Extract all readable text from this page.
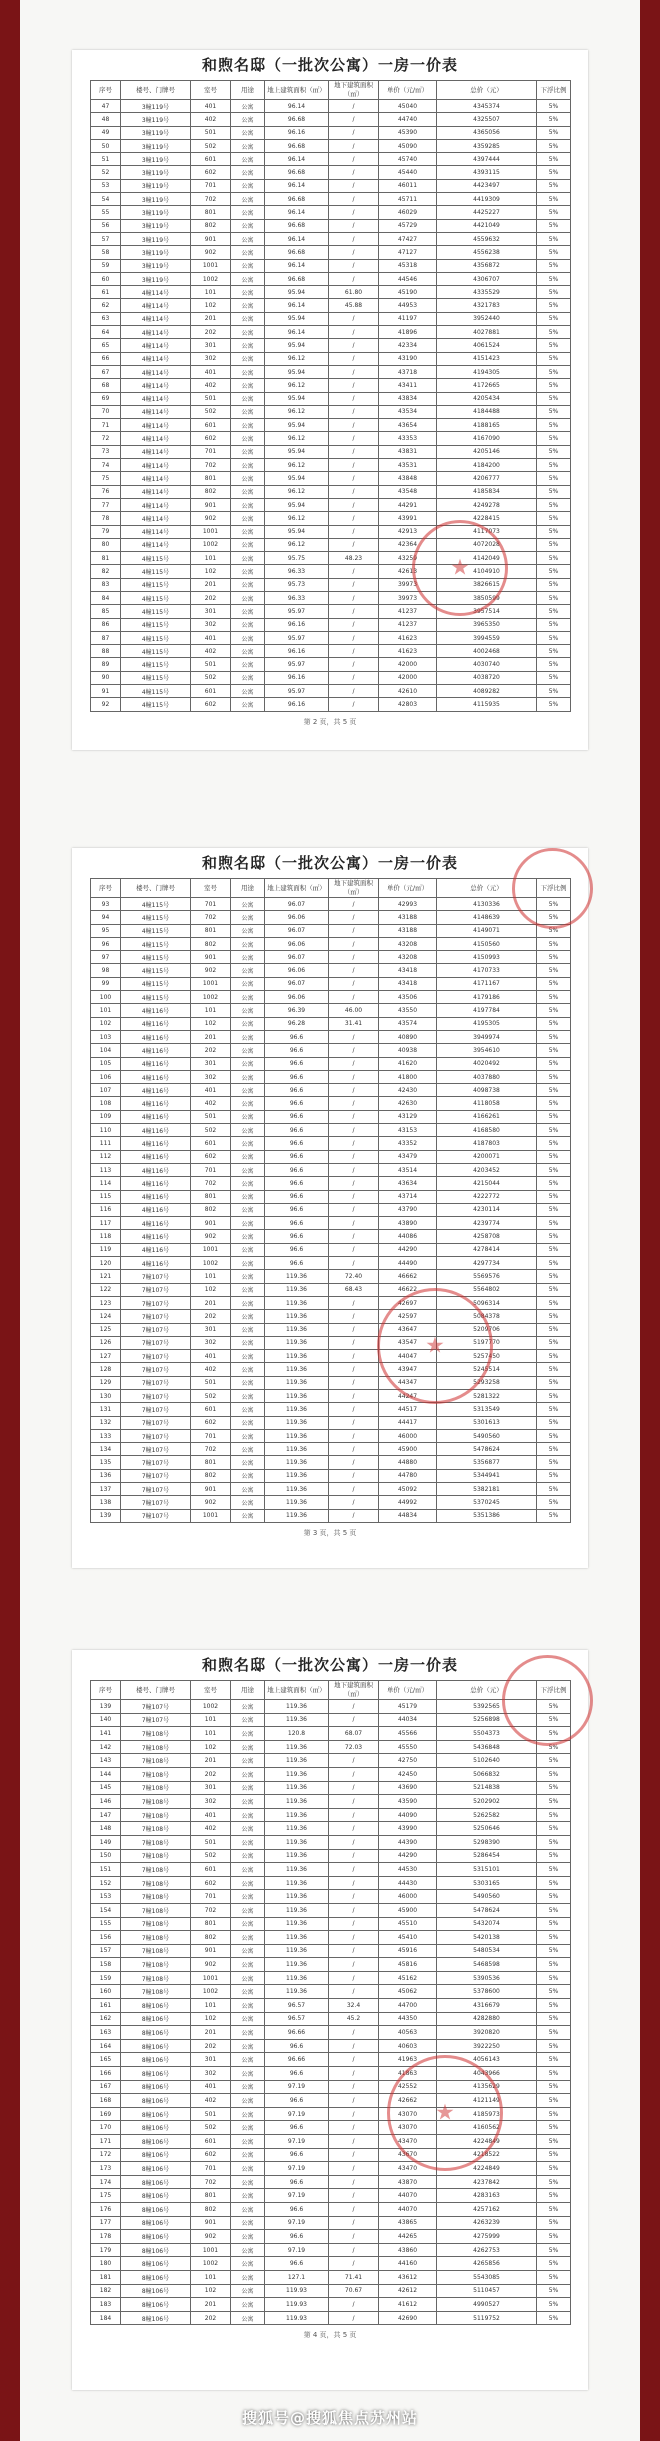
和煦名邸（一批次公寓）一房一价表
序号	楼号、门牌号	室号	用途	地上建筑面积（㎡）	地下建筑面积（㎡）	单价（元/㎡）	总价（元）	下浮比例
47	3幢119号	401	公寓	96.14	/	45040	4345374	5%
48	3幢119号	402	公寓	96.68	/	44740	4325507	5%
49	3幢119号	501	公寓	96.16	/	45390	4365056	5%
50	3幢119号	502	公寓	96.68	/	45090	4359285	5%
51	3幢119号	601	公寓	96.14	/	45740	4397444	5%
52	3幢119号	602	公寓	96.68	/	45440	4393115	5%
53	3幢119号	701	公寓	96.14	/	46011	4423497	5%
54	3幢119号	702	公寓	96.68	/	45711	4419309	5%
55	3幢119号	801	公寓	96.14	/	46029	4425227	5%
56	3幢119号	802	公寓	96.68	/	45729	4421049	5%
57	3幢119号	901	公寓	96.14	/	47427	4559632	5%
58	3幢119号	902	公寓	96.68	/	47127	4556238	5%
59	3幢119号	1001	公寓	96.14	/	45318	4356872	5%
60	3幢119号	1002	公寓	96.68	/	44546	4306707	5%
61	4幢114号	101	公寓	95.94	61.80	45190	4335529	5%
62	4幢114号	102	公寓	96.14	45.88	44953	4321783	5%
63	4幢114号	201	公寓	95.94	/	41197	3952440	5%
64	4幢114号	202	公寓	96.14	/	41896	4027881	5%
65	4幢114号	301	公寓	95.94	/	42334	4061524	5%
66	4幢114号	302	公寓	96.12	/	43190	4151423	5%
67	4幢114号	401	公寓	95.94	/	43718	4194305	5%
68	4幢114号	402	公寓	96.12	/	43411	4172665	5%
69	4幢114号	501	公寓	95.94	/	43834	4205434	5%
70	4幢114号	502	公寓	96.12	/	43534	4184488	5%
71	4幢114号	601	公寓	95.94	/	43654	4188165	5%
72	4幢114号	602	公寓	96.12	/	43353	4167090	5%
73	4幢114号	701	公寓	95.94	/	43831	4205146	5%
74	4幢114号	702	公寓	96.12	/	43531	4184200	5%
75	4幢114号	801	公寓	95.94	/	43848	4206777	5%
76	4幢114号	802	公寓	96.12	/	43548	4185834	5%
77	4幢114号	901	公寓	95.94	/	44291	4249278	5%
78	4幢114号	902	公寓	96.12	/	43991	4228415	5%
79	4幢114号	1001	公寓	95.94	/	42913	4117073	5%
80	4幢114号	1002	公寓	96.12	/	42364	4072028	5%
81	4幢115号	101	公寓	95.75	48.23	43259	4142049	5%
82	4幢115号	102	公寓	96.33	/	42613	4104910	5%
83	4幢115号	201	公寓	95.73	/	39973	3826615	5%
84	4幢115号	202	公寓	96.33	/	39973	3850599	5%
85	4幢115号	301	公寓	95.97	/	41237	3957514	5%
86	4幢115号	302	公寓	96.16	/	41237	3965350	5%
87	4幢115号	401	公寓	95.97	/	41623	3994559	5%
88	4幢115号	402	公寓	96.16	/	41623	4002468	5%
89	4幢115号	501	公寓	95.97	/	42000	4030740	5%
90	4幢115号	502	公寓	96.16	/	42000	4038720	5%
91	4幢115号	601	公寓	95.97	/	42610	4089282	5%
92	4幢115号	602	公寓	96.16	/	42803	4115935	5%
第 2 页，共 5 页
★
和煦名邸（一批次公寓）一房一价表
序号	楼号、门牌号	室号	用途	地上建筑面积（㎡）	地下建筑面积（㎡）	单价（元/㎡）	总价（元）	下浮比例
93	4幢115号	701	公寓	96.07	/	42993	4130336	5%
94	4幢115号	702	公寓	96.06	/	43188	4148639	5%
95	4幢115号	801	公寓	96.07	/	43188	4149071	5%
96	4幢115号	802	公寓	96.06	/	43208	4150560	5%
97	4幢115号	901	公寓	96.07	/	43208	4150993	5%
98	4幢115号	902	公寓	96.06	/	43418	4170733	5%
99	4幢115号	1001	公寓	96.07	/	43418	4171167	5%
100	4幢115号	1002	公寓	96.06	/	43506	4179186	5%
101	4幢116号	101	公寓	96.39	46.00	43550	4197784	5%
102	4幢116号	102	公寓	96.28	31.41	43574	4195305	5%
103	4幢116号	201	公寓	96.6	/	40890	3949974	5%
104	4幢116号	202	公寓	96.6	/	40938	3954610	5%
105	4幢116号	301	公寓	96.6	/	41620	4020492	5%
106	4幢116号	302	公寓	96.6	/	41800	4037880	5%
107	4幢116号	401	公寓	96.6	/	42430	4098738	5%
108	4幢116号	402	公寓	96.6	/	42630	4118058	5%
109	4幢116号	501	公寓	96.6	/	43129	4166261	5%
110	4幢116号	502	公寓	96.6	/	43153	4168580	5%
111	4幢116号	601	公寓	96.6	/	43352	4187803	5%
112	4幢116号	602	公寓	96.6	/	43479	4200071	5%
113	4幢116号	701	公寓	96.6	/	43514	4203452	5%
114	4幢116号	702	公寓	96.6	/	43634	4215044	5%
115	4幢116号	801	公寓	96.6	/	43714	4222772	5%
116	4幢116号	802	公寓	96.6	/	43790	4230114	5%
117	4幢116号	901	公寓	96.6	/	43890	4239774	5%
118	4幢116号	902	公寓	96.6	/	44086	4258708	5%
119	4幢116号	1001	公寓	96.6	/	44290	4278414	5%
120	4幢116号	1002	公寓	96.6	/	44490	4297734	5%
121	7幢107号	101	公寓	119.36	72.40	46662	5569576	5%
122	7幢107号	102	公寓	119.36	68.43	46622	5564802	5%
123	7幢107号	201	公寓	119.36	/	42697	5096314	5%
124	7幢107号	202	公寓	119.36	/	42597	5084378	5%
125	7幢107号	301	公寓	119.36	/	43647	5209706	5%
126	7幢107号	302	公寓	119.36	/	43547	5197770	5%
127	7幢107号	401	公寓	119.36	/	44047	5257450	5%
128	7幢107号	402	公寓	119.36	/	43947	5245514	5%
129	7幢107号	501	公寓	119.36	/	44347	5293258	5%
130	7幢107号	502	公寓	119.36	/	44247	5281322	5%
131	7幢107号	601	公寓	119.36	/	44517	5313549	5%
132	7幢107号	602	公寓	119.36	/	44417	5301613	5%
133	7幢107号	701	公寓	119.36	/	46000	5490560	5%
134	7幢107号	702	公寓	119.36	/	45900	5478624	5%
135	7幢107号	801	公寓	119.36	/	44880	5356877	5%
136	7幢107号	802	公寓	119.36	/	44780	5344941	5%
137	7幢107号	901	公寓	119.36	/	45092	5382181	5%
138	7幢107号	902	公寓	119.36	/	44992	5370245	5%
139	7幢107号	1001	公寓	119.36	/	44834	5351386	5%
第 3 页，共 5 页
★
和煦名邸（一批次公寓）一房一价表
序号	楼号、门牌号	室号	用途	地上建筑面积（㎡）	地下建筑面积（㎡）	单价（元/㎡）	总价（元）	下浮比例
139	7幢107号	1002	公寓	119.36	/	45179	5392565	5%
140	7幢107号	101	公寓	119.36	/	44034	5256898	5%
141	7幢108号	101	公寓	120.8	68.07	45566	5504373	5%
142	7幢108号	102	公寓	119.36	72.03	45550	5436848	5%
143	7幢108号	201	公寓	119.36	/	42750	5102640	5%
144	7幢108号	202	公寓	119.36	/	42450	5066832	5%
145	7幢108号	301	公寓	119.36	/	43690	5214838	5%
146	7幢108号	302	公寓	119.36	/	43590	5202902	5%
147	7幢108号	401	公寓	119.36	/	44090	5262582	5%
148	7幢108号	402	公寓	119.36	/	43990	5250646	5%
149	7幢108号	501	公寓	119.36	/	44390	5298390	5%
150	7幢108号	502	公寓	119.36	/	44290	5286454	5%
151	7幢108号	601	公寓	119.36	/	44530	5315101	5%
152	7幢108号	602	公寓	119.36	/	44430	5303165	5%
153	7幢108号	701	公寓	119.36	/	46000	5490560	5%
154	7幢108号	702	公寓	119.36	/	45900	5478624	5%
155	7幢108号	801	公寓	119.36	/	45510	5432074	5%
156	7幢108号	802	公寓	119.36	/	45410	5420138	5%
157	7幢108号	901	公寓	119.36	/	45916	5480534	5%
158	7幢108号	902	公寓	119.36	/	45816	5468598	5%
159	7幢108号	1001	公寓	119.36	/	45162	5390536	5%
160	7幢108号	1002	公寓	119.36	/	45062	5378600	5%
161	8幢106号	101	公寓	96.57	32.4	44700	4316679	5%
162	8幢106号	102	公寓	96.57	45.2	44350	4282880	5%
163	8幢106号	201	公寓	96.66	/	40563	3920820	5%
164	8幢106号	202	公寓	96.6	/	40603	3922250	5%
165	8幢106号	301	公寓	96.66	/	41963	4056143	5%
166	8幢106号	302	公寓	96.6	/	41863	4043966	5%
167	8幢106号	401	公寓	97.19	/	42552	4135629	5%
168	8幢106号	402	公寓	96.6	/	42662	4121149	5%
169	8幢106号	501	公寓	97.19	/	43070	4185973	5%
170	8幢106号	502	公寓	96.6	/	43070	4160562	5%
171	8幢106号	601	公寓	97.19	/	43470	4224849	5%
172	8幢106号	602	公寓	96.6	/	43670	4218522	5%
173	8幢106号	701	公寓	97.19	/	43470	4224849	5%
174	8幢106号	702	公寓	96.6	/	43870	4237842	5%
175	8幢106号	801	公寓	97.19	/	44070	4283163	5%
176	8幢106号	802	公寓	96.6	/	44070	4257162	5%
177	8幢106号	901	公寓	97.19	/	43865	4263239	5%
178	8幢106号	902	公寓	96.6	/	44265	4275999	5%
179	8幢106号	1001	公寓	97.19	/	43860	4262753	5%
180	8幢106号	1002	公寓	96.6	/	44160	4265856	5%
181	8幢106号	101	公寓	127.1	71.41	43612	5543085	5%
182	8幢106号	102	公寓	119.93	70.67	42612	5110457	5%
183	8幢106号	201	公寓	119.93	/	41612	4990527	5%
184	8幢106号	202	公寓	119.93	/	42690	5119752	5%
第 4 页，共 5 页
★
搜狐号@搜狐焦点苏州站
